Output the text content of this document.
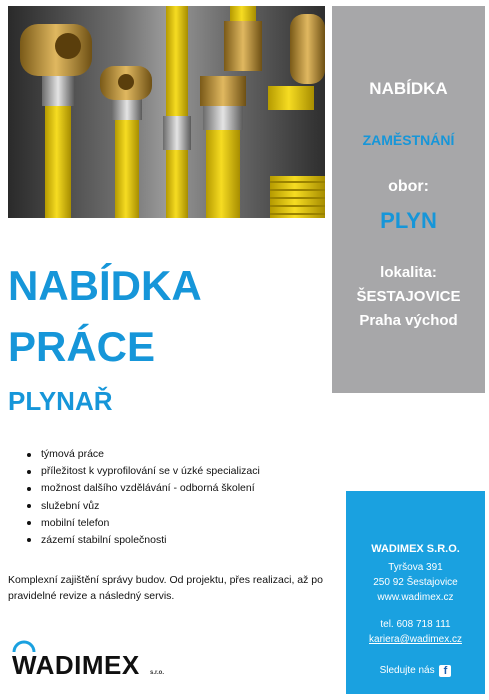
NABÍDKA
ZAMĚSTNÁNÍ
obor:
PLYN
lokalita:
ŠESTAJOVICE
Praha východ
NABÍDKA
PRÁCE
PLYNAŘ
týmová práce
příležitost k vyprofilování se v úzké specializaci
možnost dalšího vzdělávání - odborná školení
služební vůz
mobilní telefon
zázemí stabilní společnosti
Komplexní zajištění správy budov. Od projektu, přes realizaci, až po pravidelné revize a následný servis.
WADIMEX s.r.o.
WADIMEX S.R.O.
Tyršova 391
250 92 Šestajovice
www.wadimex.cz
tel. 608 718 111
kariera@wadimex.cz
Sledujte nás f
